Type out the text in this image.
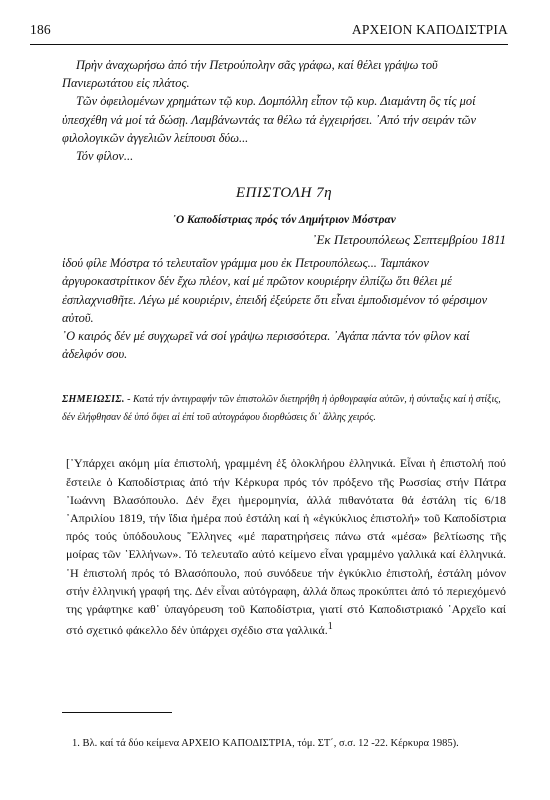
186	ΑΡΧΕΙΟΝ ΚΑΠΟΔΙΣΤΡΙΑ

Πρὴν ἀναχωρήσω ἀπό τήν Πετρούπολην σᾶς γράφω, καί θέλει γράψω τοῦ Πανιερωτάτου εἰς πλάτος.

Τῶν ὀφειλομένων χρημάτων τῷ κυρ. Δομπόλλη εἶπον τῷ κυρ. Διαμάντη ὃς τίς μοί ὑπεσχέθη νά μοί τά δώσῃ. Λαμβάνωντάς τα θέλω τά ἐγχειρήσει. ᾿Από τήν σειράν τῶν φιλολογικῶν ἀγγελιῶν λείπουσι δύω...

Τόν φίλον...

ΕΠΙΣΤΟΛΗ 7η
᾿Ο Καποδίστριας πρός τόν Δημήτριον Μόστραν
᾿Εκ Πετρουπόλεως Σεπτεμβρίου 1811

ἰδού φίλε Μόστρα τό τελευταῖον γράμμα μου ἐκ Πετρουπόλεως... Ταμπάκον ἀργυροκαστρίτικον δέν ἔχω πλέον, καί μέ πρῶτον κουριέρην ἐλπίζω ὅτι θέλει μέ ἐσπλαχνισθῆτε. Λέγω μέ κουριέριν, ἐπειδή ἐξεύρετε ὅτι εἶναι ἐμποδισμένον τό φέρσιμον αὐτοῦ.

᾿Ο καιρός δέν μέ συγχωρεῖ νά σοί γράψω περισσότερα. ᾿Αγάπα πάντα τόν φίλον καί ἀδελφόν σου.

ΣΗΜΕΙΩΣΙΣ. - Κατά τήν ἀντιγραφήν τῶν ἐπιστολῶν διετηρήθη ἡ ὀρθογραφία αὐτῶν, ἡ σύνταξις καί ἡ στίξις, δέν ἐλήφθησαν δέ ὑπό ὄψει αἱ ἐπί τοῦ αὐτογράφου διορθώσεις δι᾿ ἄλλης χειρός.

[᾿Υπάρχει ακόμη μία ἐπιστολή, γραμμένη ἐξ ὁλοκλήρου ἑλληνικά. Εἶναι ἡ ἐπιστολή πού ἔστειλε ὁ Καποδίστριας ἀπό τήν Κέρκυρα πρός τόν πρόξενο τῆς Ρωσσίας στήν Πάτρα ᾿Ιωάννη Βλασόπουλο. Δέν ἔχει ἡμερομηνία, ἀλλά πιθανότατα θά ἐστάλη τίς 6/18 ᾿Απριλίου 1819, τήν ἴδια ἡμέρα πού ἐστάλη καί ἡ «ἐγκύκλιος ἐπιστολή» τοῦ Καποδίστρια πρός τούς ὑπόδουλους ῞Ελληνες «μέ παρατηρήσεις πάνω στά «μέσα» βελτίωσης τῆς μοίρας τῶν ῾Ελλήνων». Τό τελευταῖο αὐτό κείμενο εἶναι γραμμένο γαλλικά καί ἑλληνικά. ῾Η ἐπιστολή πρός τό Βλασόπουλο, πού συνόδευε τήν ἐγκύκλιο ἐπιστολή, ἐστάλη μόνον στήν ἑλληνική γραφή της. Δέν εἶναι αὐτόγραφη, ἀλλά ὅπως προκύπτει ἀπό τό περιεχόμενό της γράφτηκε καθ᾿ ὑπαγόρευση τοῦ Καποδίστρια, γιατί στό Καποδιστριακό ᾿Αρχεῖο καί στό σχετικό φάκελλο δέν ὑπάρχει σχέδιο στα γαλλικά.$^1$

1. Βλ. καί τά δύο κείμενα ΑΡΧΕΙΟ ΚΑΠΟΔΙΣΤΡΙΑ, τόμ. ΣΤ΄, σ.σ. 12 -22. Κέρκυρα 1985).
